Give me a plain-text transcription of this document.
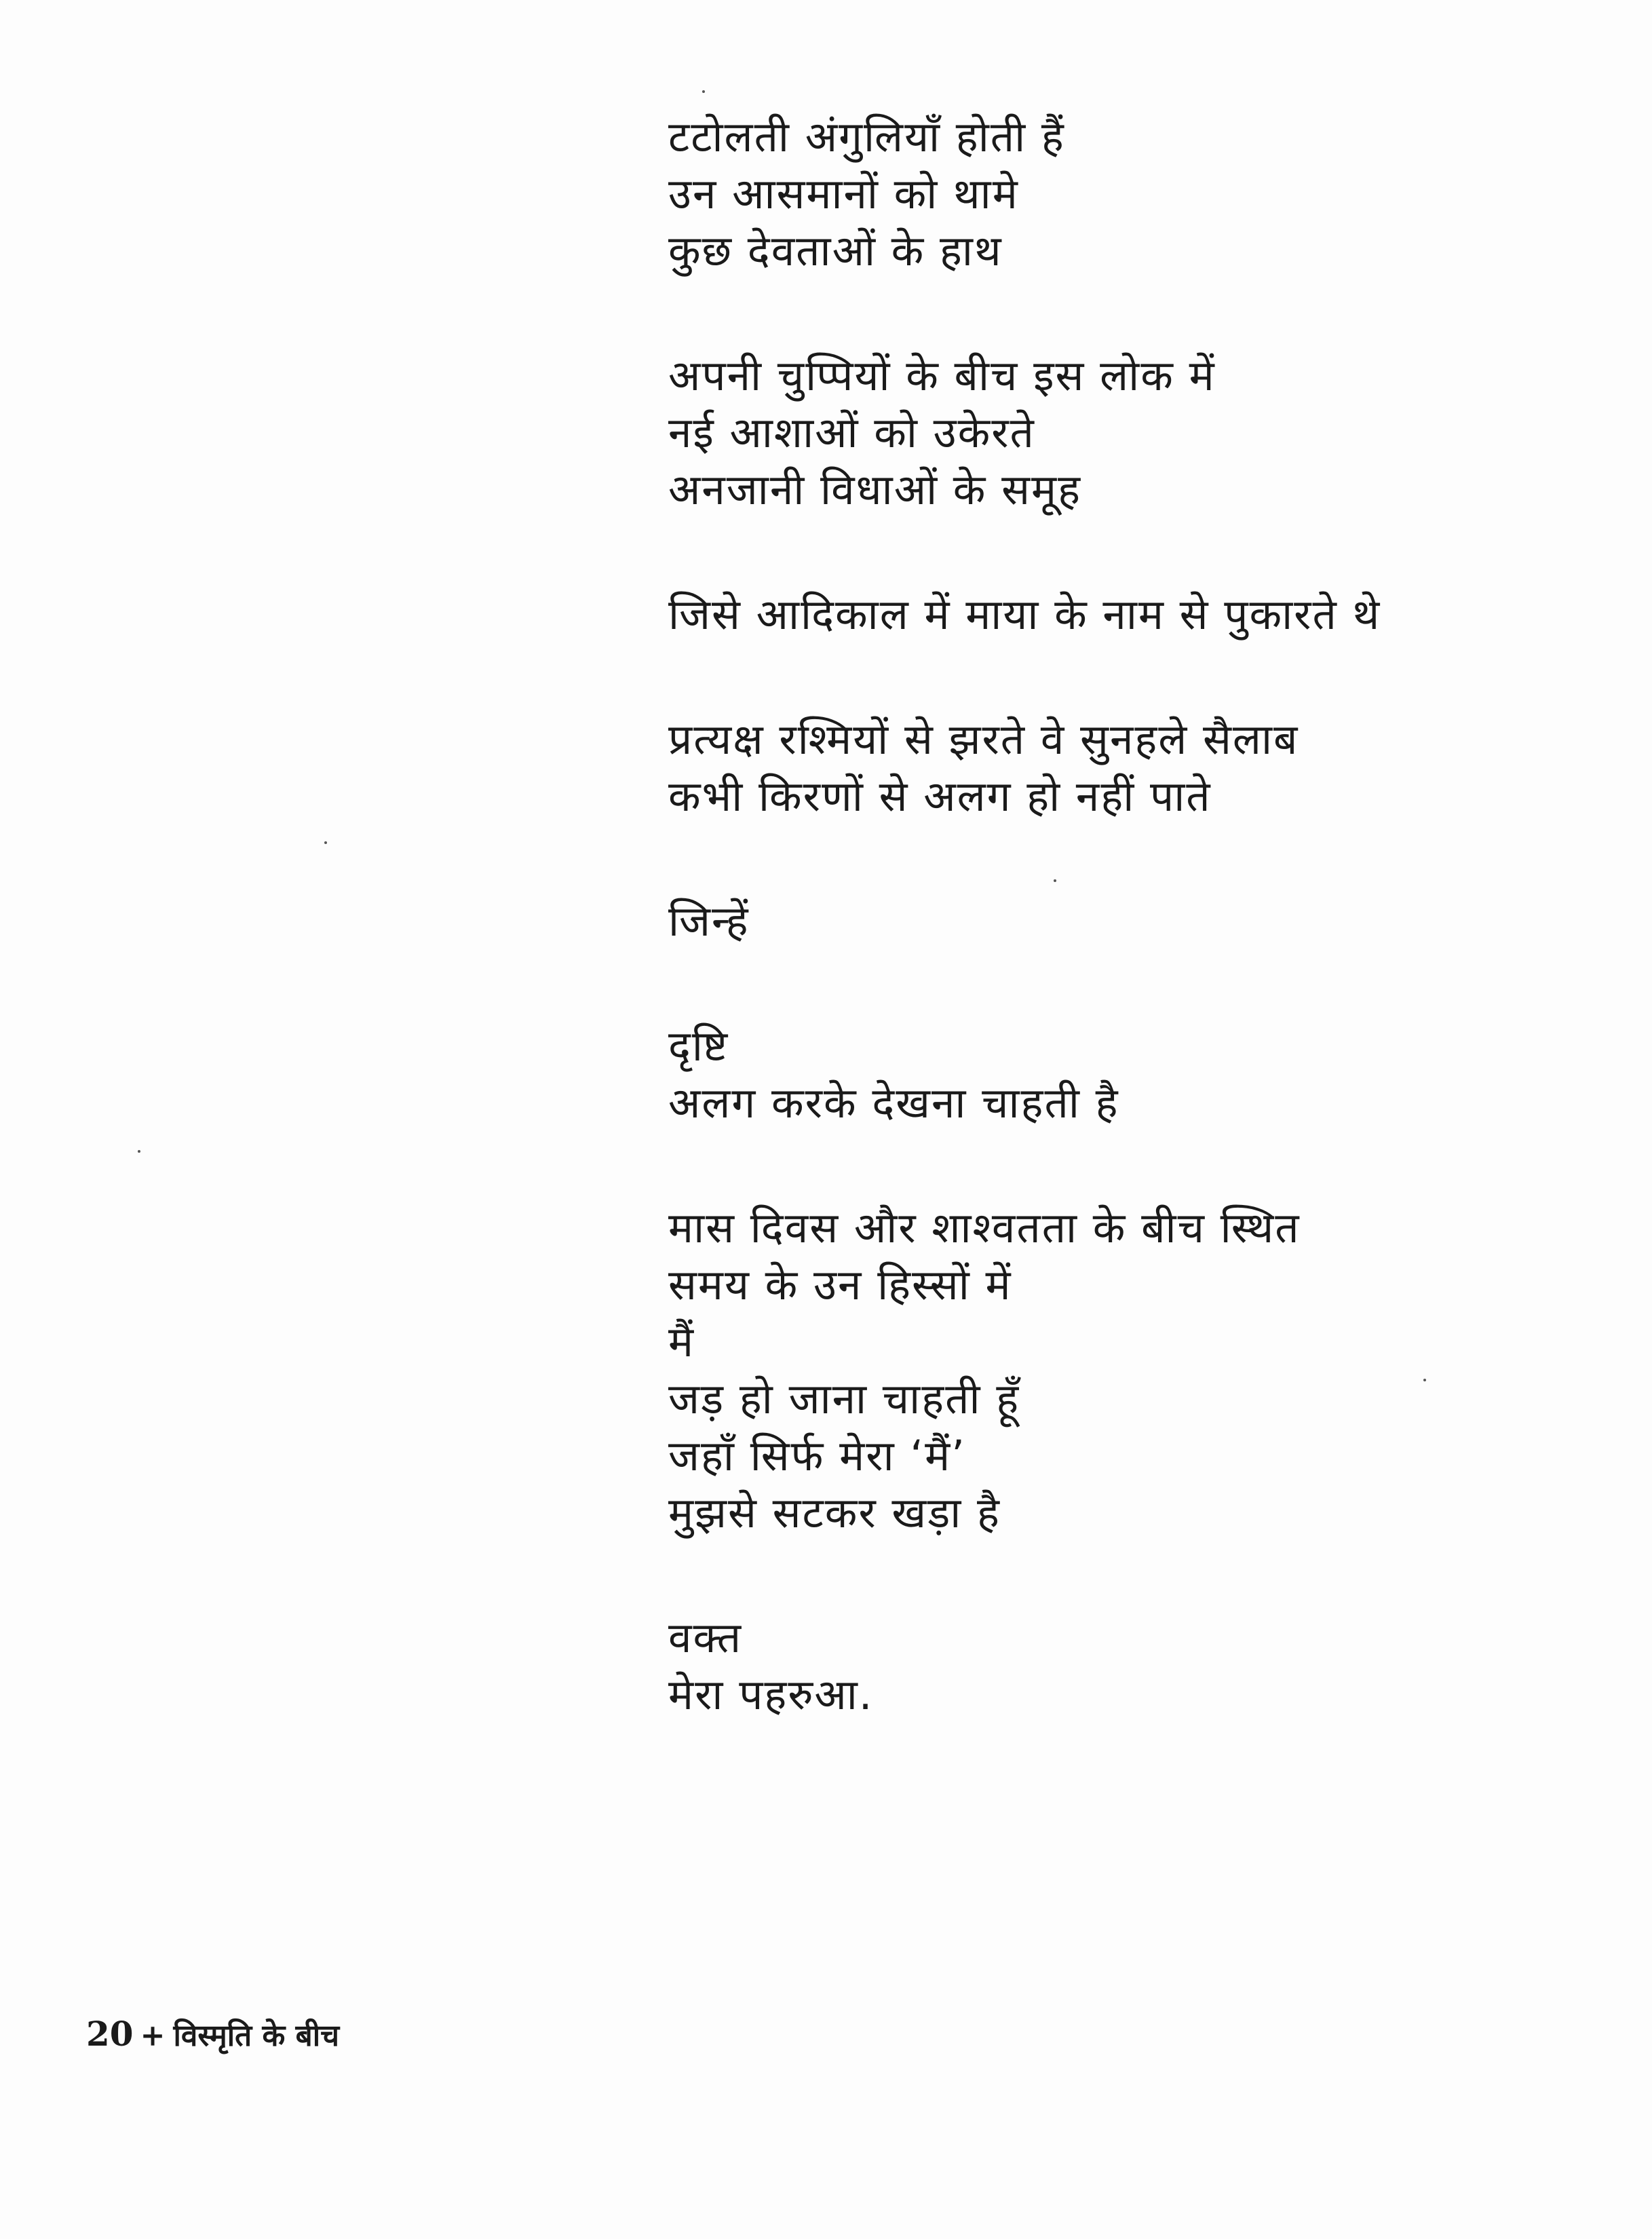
टटोलती अंगुलियाँ होती हैं
उन आसमानों को थामे
कुछ देवताओं के हाथ
अपनी चुप्पियों के बीच इस लोक में
नई आशाओं को उकेरते
अनजानी विधाओं के समूह
जिसे आदिकाल में माया के नाम से पुकारते थे
प्रत्यक्ष रश्मियों से झरते वे सुनहले सैलाब
कभी किरणों से अलग हो नहीं पाते
जिन्हें
दृष्टि
अलग करके देखना चाहती है
मास दिवस और शाश्वतता के बीच स्थित
समय के उन हिस्सों में
मैं
जड़ हो जाना चाहती हूँ
जहाँ सिर्फ मेरा ‘मैं’
मुझसे सटकर खड़ा है
वक्त
मेरा पहरुआ.
20 + विस्मृति के बीच
